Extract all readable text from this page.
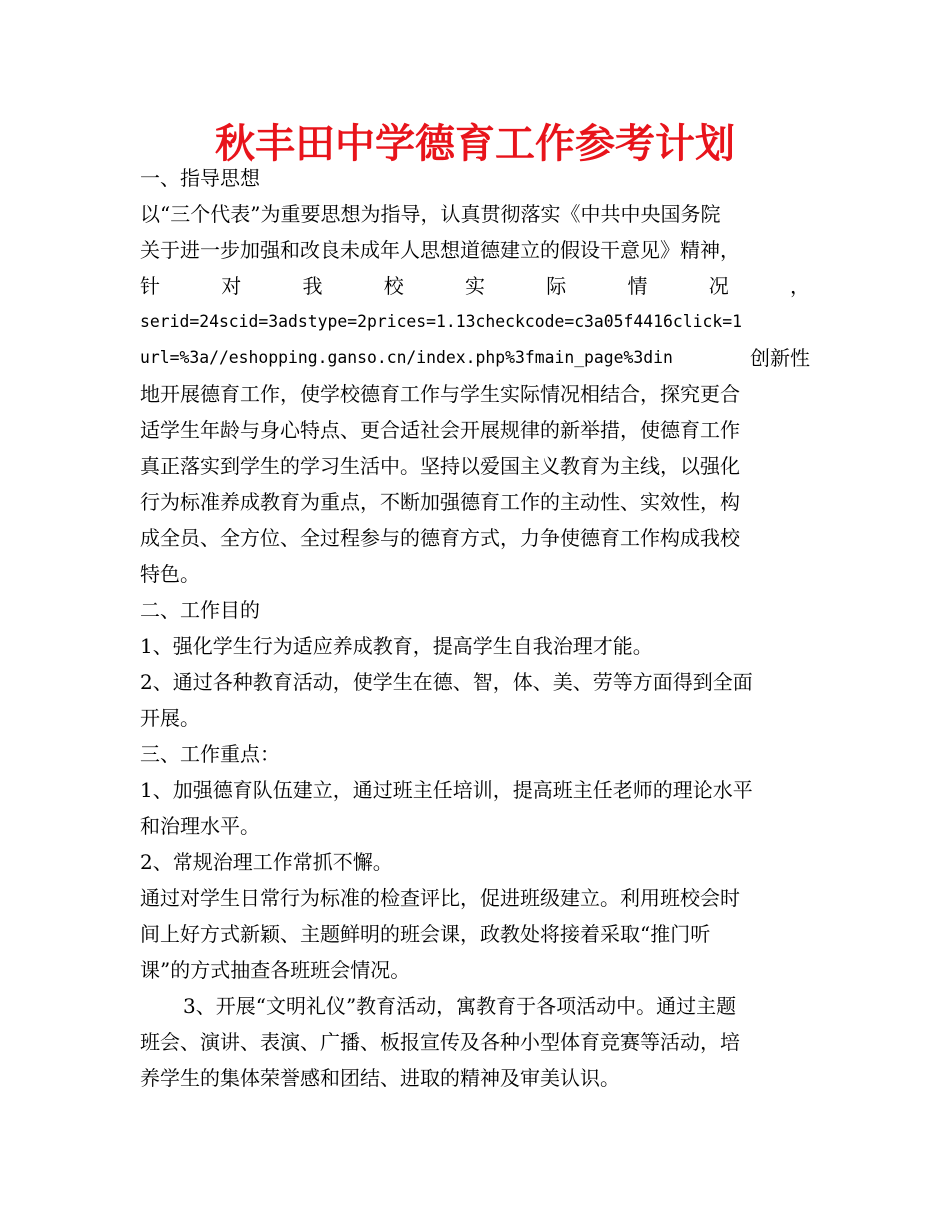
秋丰田中学德育工作参考计划
一、指导思想
以“三个代表”为重要思想为指导，认真贯彻落实《中共中央国务院
关于进一步加强和改良未成年人思想道德建立的假设干意见》精神，
针	对	我	校	实	际	情	况	，
serid=24scid=3adstype=2prices=1.13checkcode=c3a05f4416click=1
url=%3a//eshopping.ganso.cn/index.php%3fmain_page%3din	创新性
地开展德育工作，使学校德育工作与学生实际情况相结合，探究更合
适学生年龄与身心特点、更合适社会开展规律的新举措，使德育工作
真正落实到学生的学习生活中。坚持以爱国主义教育为主线，以强化
行为标准养成教育为重点，不断加强德育工作的主动性、实效性，构
成全员、全方位、全过程参与的德育方式，力争使德育工作构成我校
特色。
二、工作目的
1、强化学生行为适应养成教育，提高学生自我治理才能。
2、通过各种教育活动，使学生在德、智，体、美、劳等方面得到全面
开展。
三、工作重点：
1、加强德育队伍建立，通过班主任培训，提高班主任老师的理论水平
和治理水平。
2、常规治理工作常抓不懈。
通过对学生日常行为标准的检查评比，促进班级建立。利用班校会时
间上好方式新颖、主题鲜明的班会课，政教处将接着采取“推门听
课”的方式抽查各班班会情况。
3、开展“文明礼仪”教育活动，寓教育于各项活动中。通过主题
班会、演讲、表演、广播、板报宣传及各种小型体育竞赛等活动，培
养学生的集体荣誉感和团结、进取的精神及审美认识。
